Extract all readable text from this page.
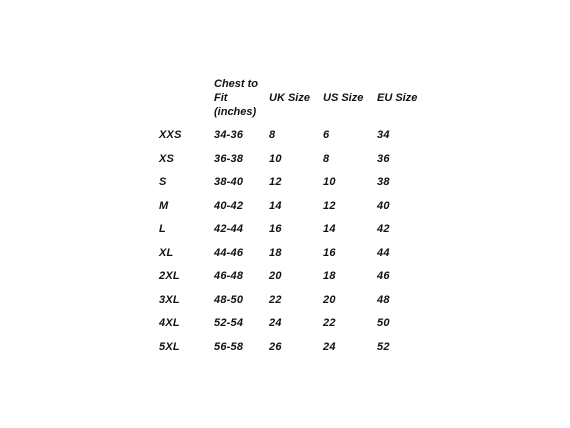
Chest to
Fit
(inches)
UK Size US Size EU Size
XXS	34-36 8	6	34
XS	36-38 10	8	36
S	38-40 12	10	38
M	40-42 14	12	40
L	42-44 16	14	42
XL	44-46 18	16	44
2XL	46-48 20	18	46
3XL	48-50 22	20	48
4XL	52-54 24	22	50
5XL	56-58 26	24	52
